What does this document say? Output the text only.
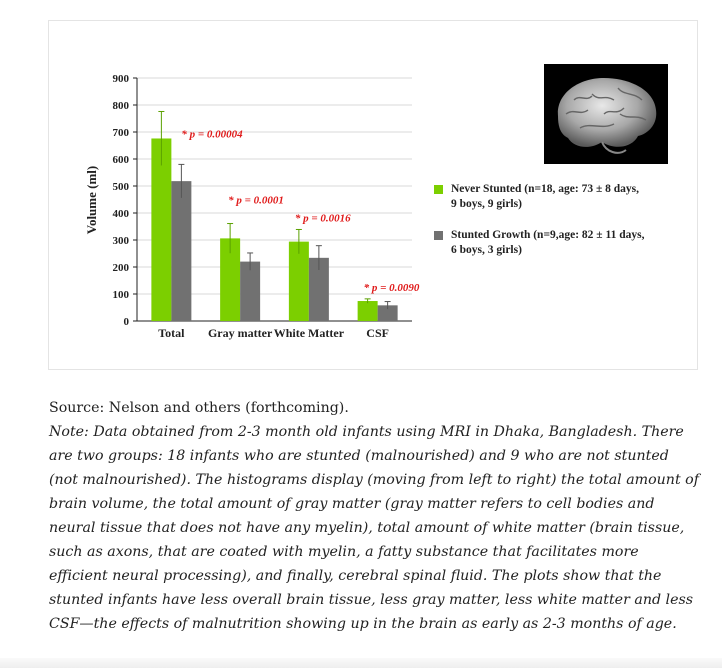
Volume (ml)
0
100
200
300
400
500
600
700
800
900
Total
* p = 0.00004
Gray matter
* p = 0.0001
White Matter
* p = 0.0016
CSF
* p = 0.0090
Never Stunted (n=18, age: 73 ± 8 days,
9 boys, 9 girls)
Stunted Growth (n=9,age: 82 ± 11 days,
6 boys, 3 girls)

Source: Nelson and others (forthcoming).

Note: Data obtained from 2-3 month old infants using MRI in Dhaka, Bangladesh. There are two groups: 18 infants who are stunted (malnourished) and 9 who are not stunted (not malnourished). The histograms display (moving from left to right) the total amount of brain volume, the total amount of gray matter (gray matter refers to cell bodies and neural tissue that does not have any myelin), total amount of white matter (brain tissue, such as axons, that are coated with myelin, a fatty substance that facilitates more efficient neural processing), and finally, cerebral spinal fluid. The plots show that the stunted infants have less overall brain tissue, less gray matter, less white matter and less CSF—the effects of malnutrition showing up in the brain as early as 2-3 months of age.
